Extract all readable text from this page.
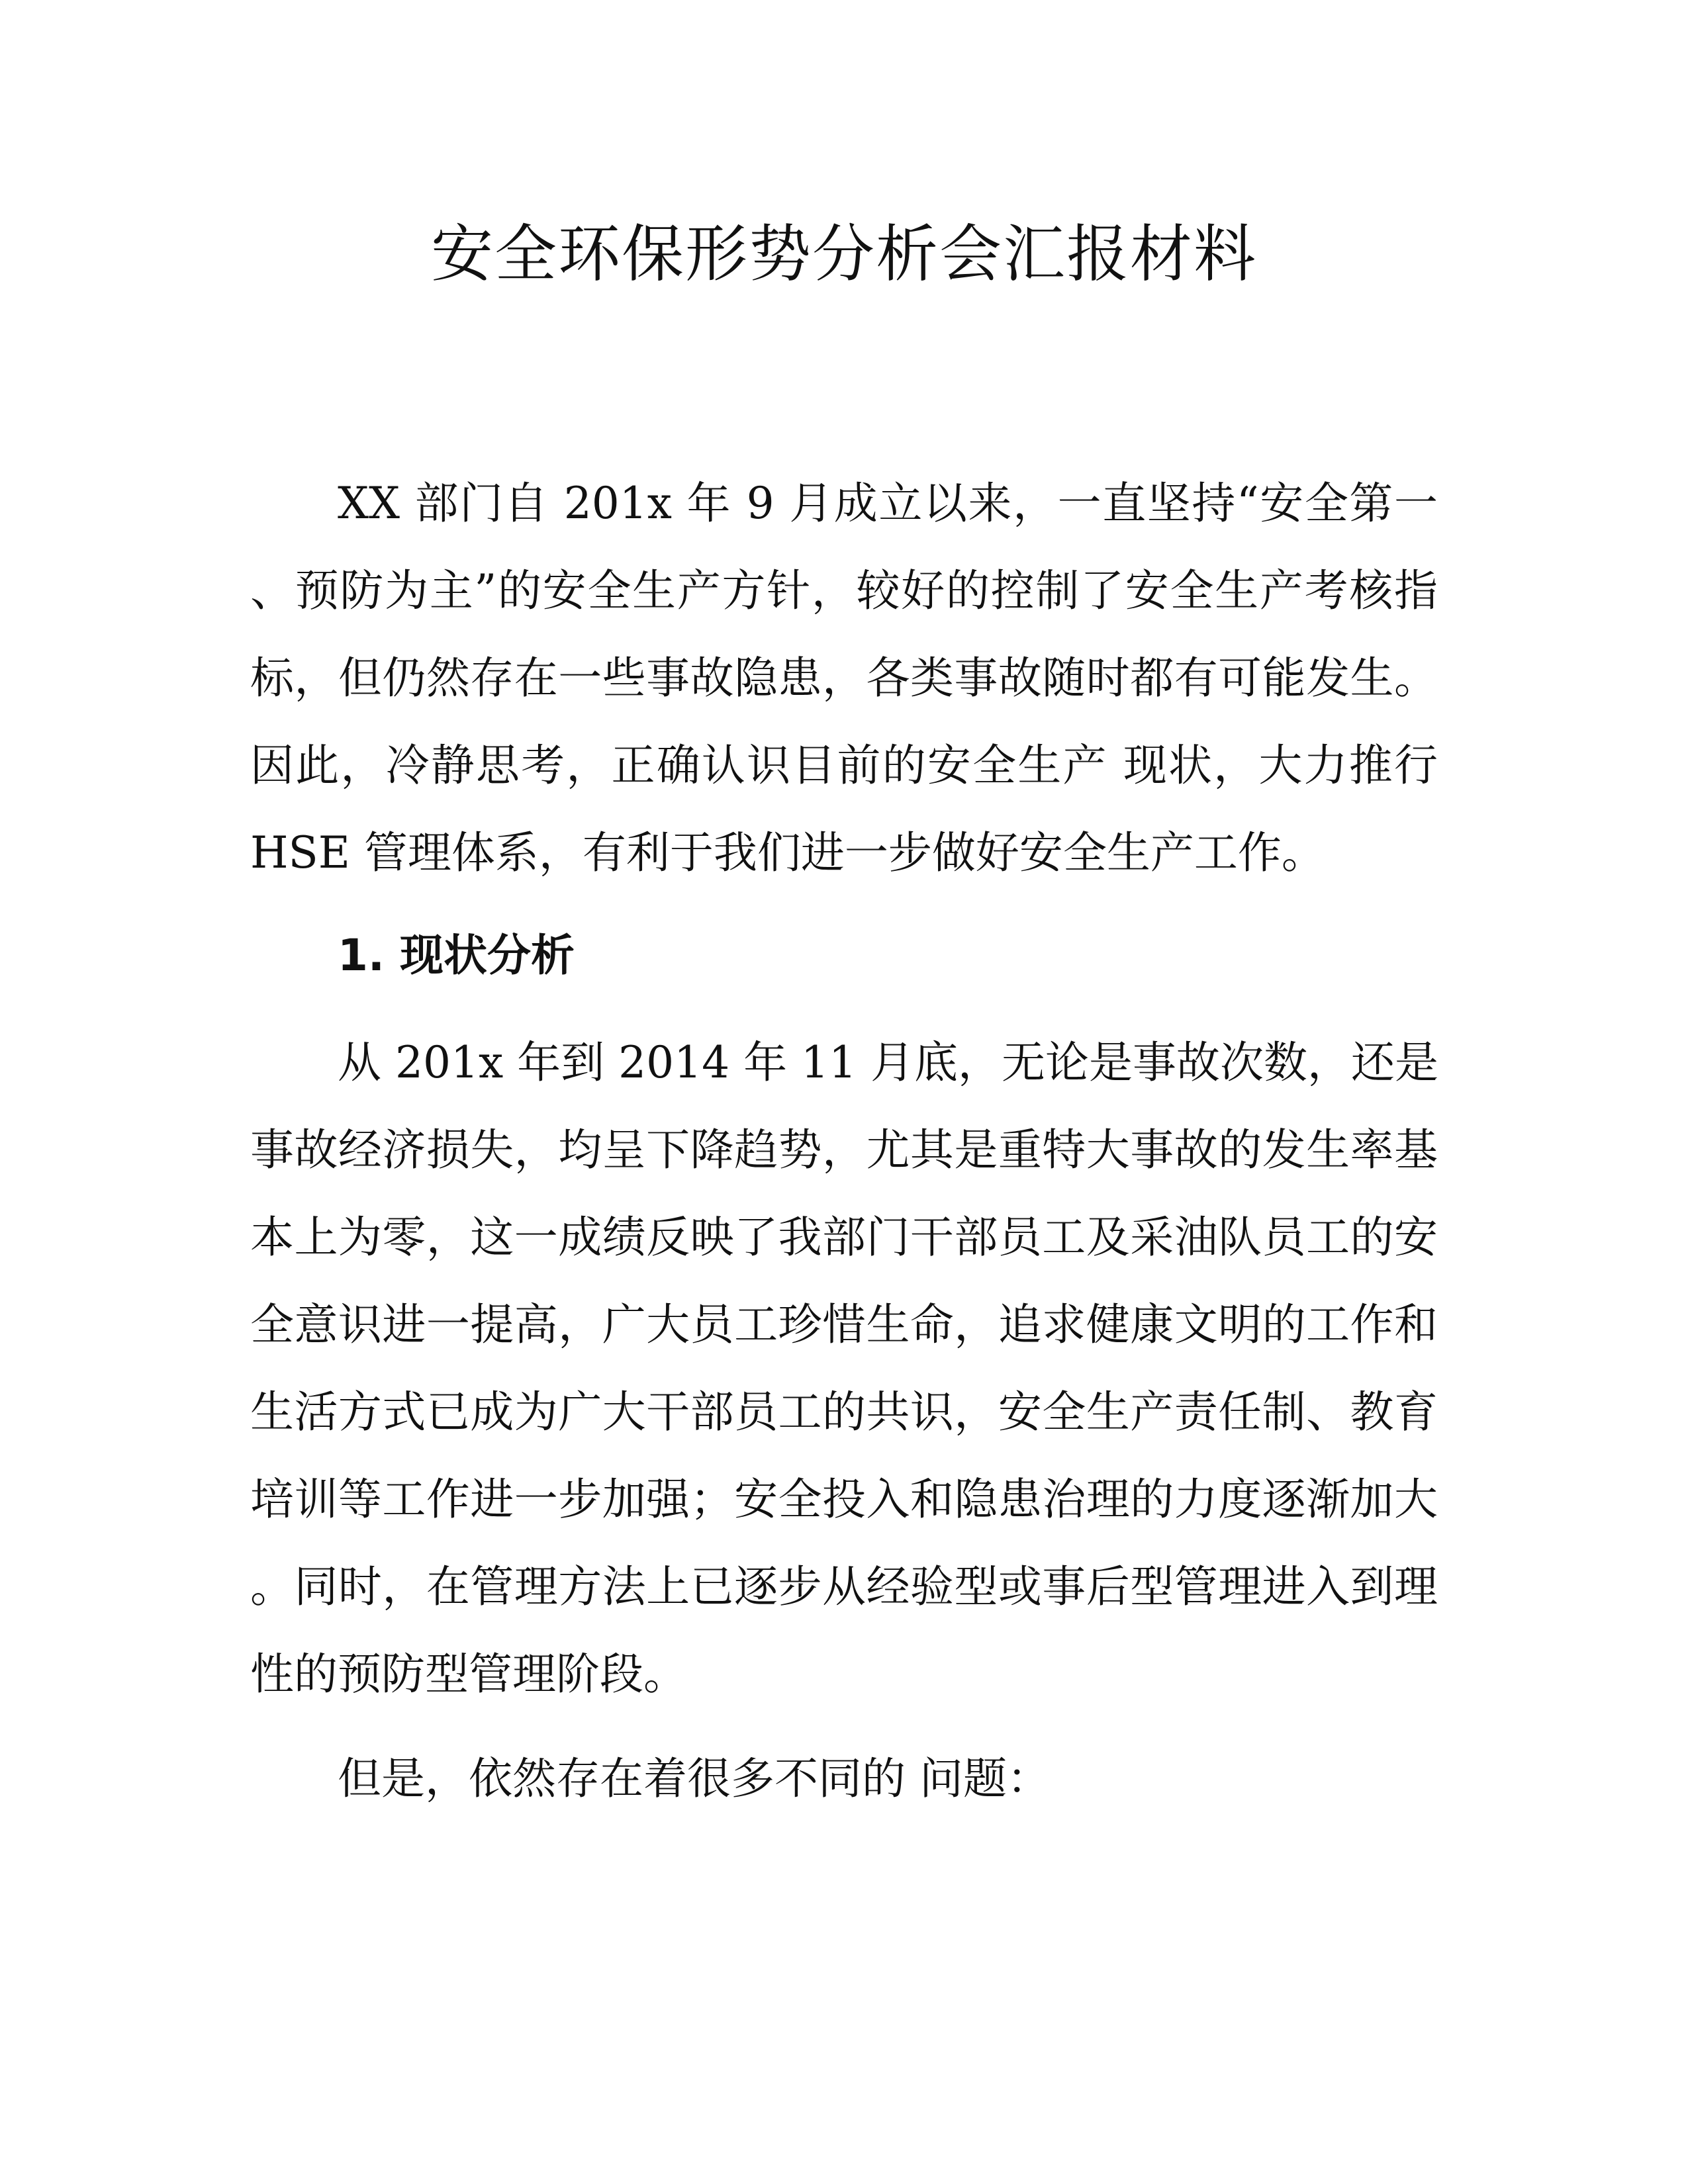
安全环保形势分析会汇报材料

XX 部门自 201x 年 9 月成立以来，一直坚持“安全第一

、预防为主”的安全生产方针，较好的控制了安全生产考核指

标，但仍然存在一些事故隐患，各类事故随时都有可能发生。

因此，冷静思考，正确认识目前的安全生产 现状，大力推行

HSE 管理体系，有利于我们进一步做好安全生产工作。

1. 现状分析

从 201x 年到 2014 年 11 月底，无论是事故次数，还是

事故经济损失，均呈下降趋势，尤其是重特大事故的发生率基

本上为零，这一成绩反映了我部门干部员工及采油队员工的安

全意识进一提高，广大员工珍惜生命，追求健康文明的工作和

生活方式已成为广大干部员工的共识，安全生产责任制、教育

培训等工作进一步加强；安全投入和隐患治理的力度逐渐加大

。同时，在管理方法上已逐步从经验型或事后型管理进入到理

性的预防型管理阶段。

但是，依然存在着很多不同的 问题：
